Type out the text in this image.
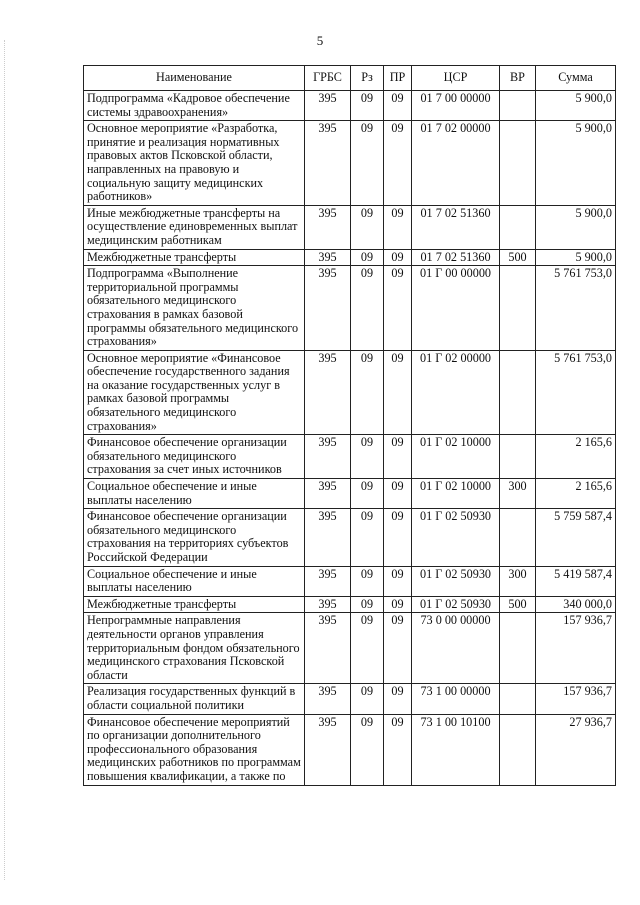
5
Наименование	ГРБС	Рз	ПР	ЦСР	ВР	Сумма
Подпрограмма «Кадровое обеспечение системы здравоохранения»	395	09	09	01 7 00 00000		5 900,0
Основное мероприятие «Разработка, принятие и реализация нормативных правовых актов Псковской области, направленных на правовую и социальную защиту медицинских работников»	395	09	09	01 7 02 00000		5 900,0
Иные межбюджетные трансферты на осуществление единовременных выплат медицинским работникам	395	09	09	01 7 02 51360		5 900,0
Межбюджетные трансферты	395	09	09	01 7 02 51360	500	5 900,0
Подпрограмма «Выполнение территориальной программы обязательного медицинского страхования в рамках базовой программы обязательного медицинского страхования»	395	09	09	01 Г 00 00000		5 761 753,0
Основное мероприятие «Финансовое обеспечение государственного задания на оказание государственных услуг в рамках базовой программы обязательного медицинского страхования»	395	09	09	01 Г 02 00000		5 761 753,0
Финансовое обеспечение организации обязательного медицинского страхования за счет иных источников	395	09	09	01 Г 02 10000		2 165,6
Социальное обеспечение и иные выплаты населению	395	09	09	01 Г 02 10000	300	2 165,6
Финансовое обеспечение организации обязательного медицинского страхования на территориях субъектов Российской Федерации	395	09	09	01 Г 02 50930		5 759 587,4
Социальное обеспечение и иные выплаты населению	395	09	09	01 Г 02 50930	300	5 419 587,4
Межбюджетные трансферты	395	09	09	01 Г 02 50930	500	340 000,0
Непрограммные направления деятельности органов управления территориальным фондом обязательного медицинского страхования Псковской области	395	09	09	73 0 00 00000		157 936,7
Реализация государственных функций в области социальной политики	395	09	09	73 1 00 00000		157 936,7
Финансовое обеспечение мероприятий по организации дополнительного профессионального образования медицинских работников по программам повышения квалификации, а также по	395	09	09	73 1 00 10100		27 936,7
